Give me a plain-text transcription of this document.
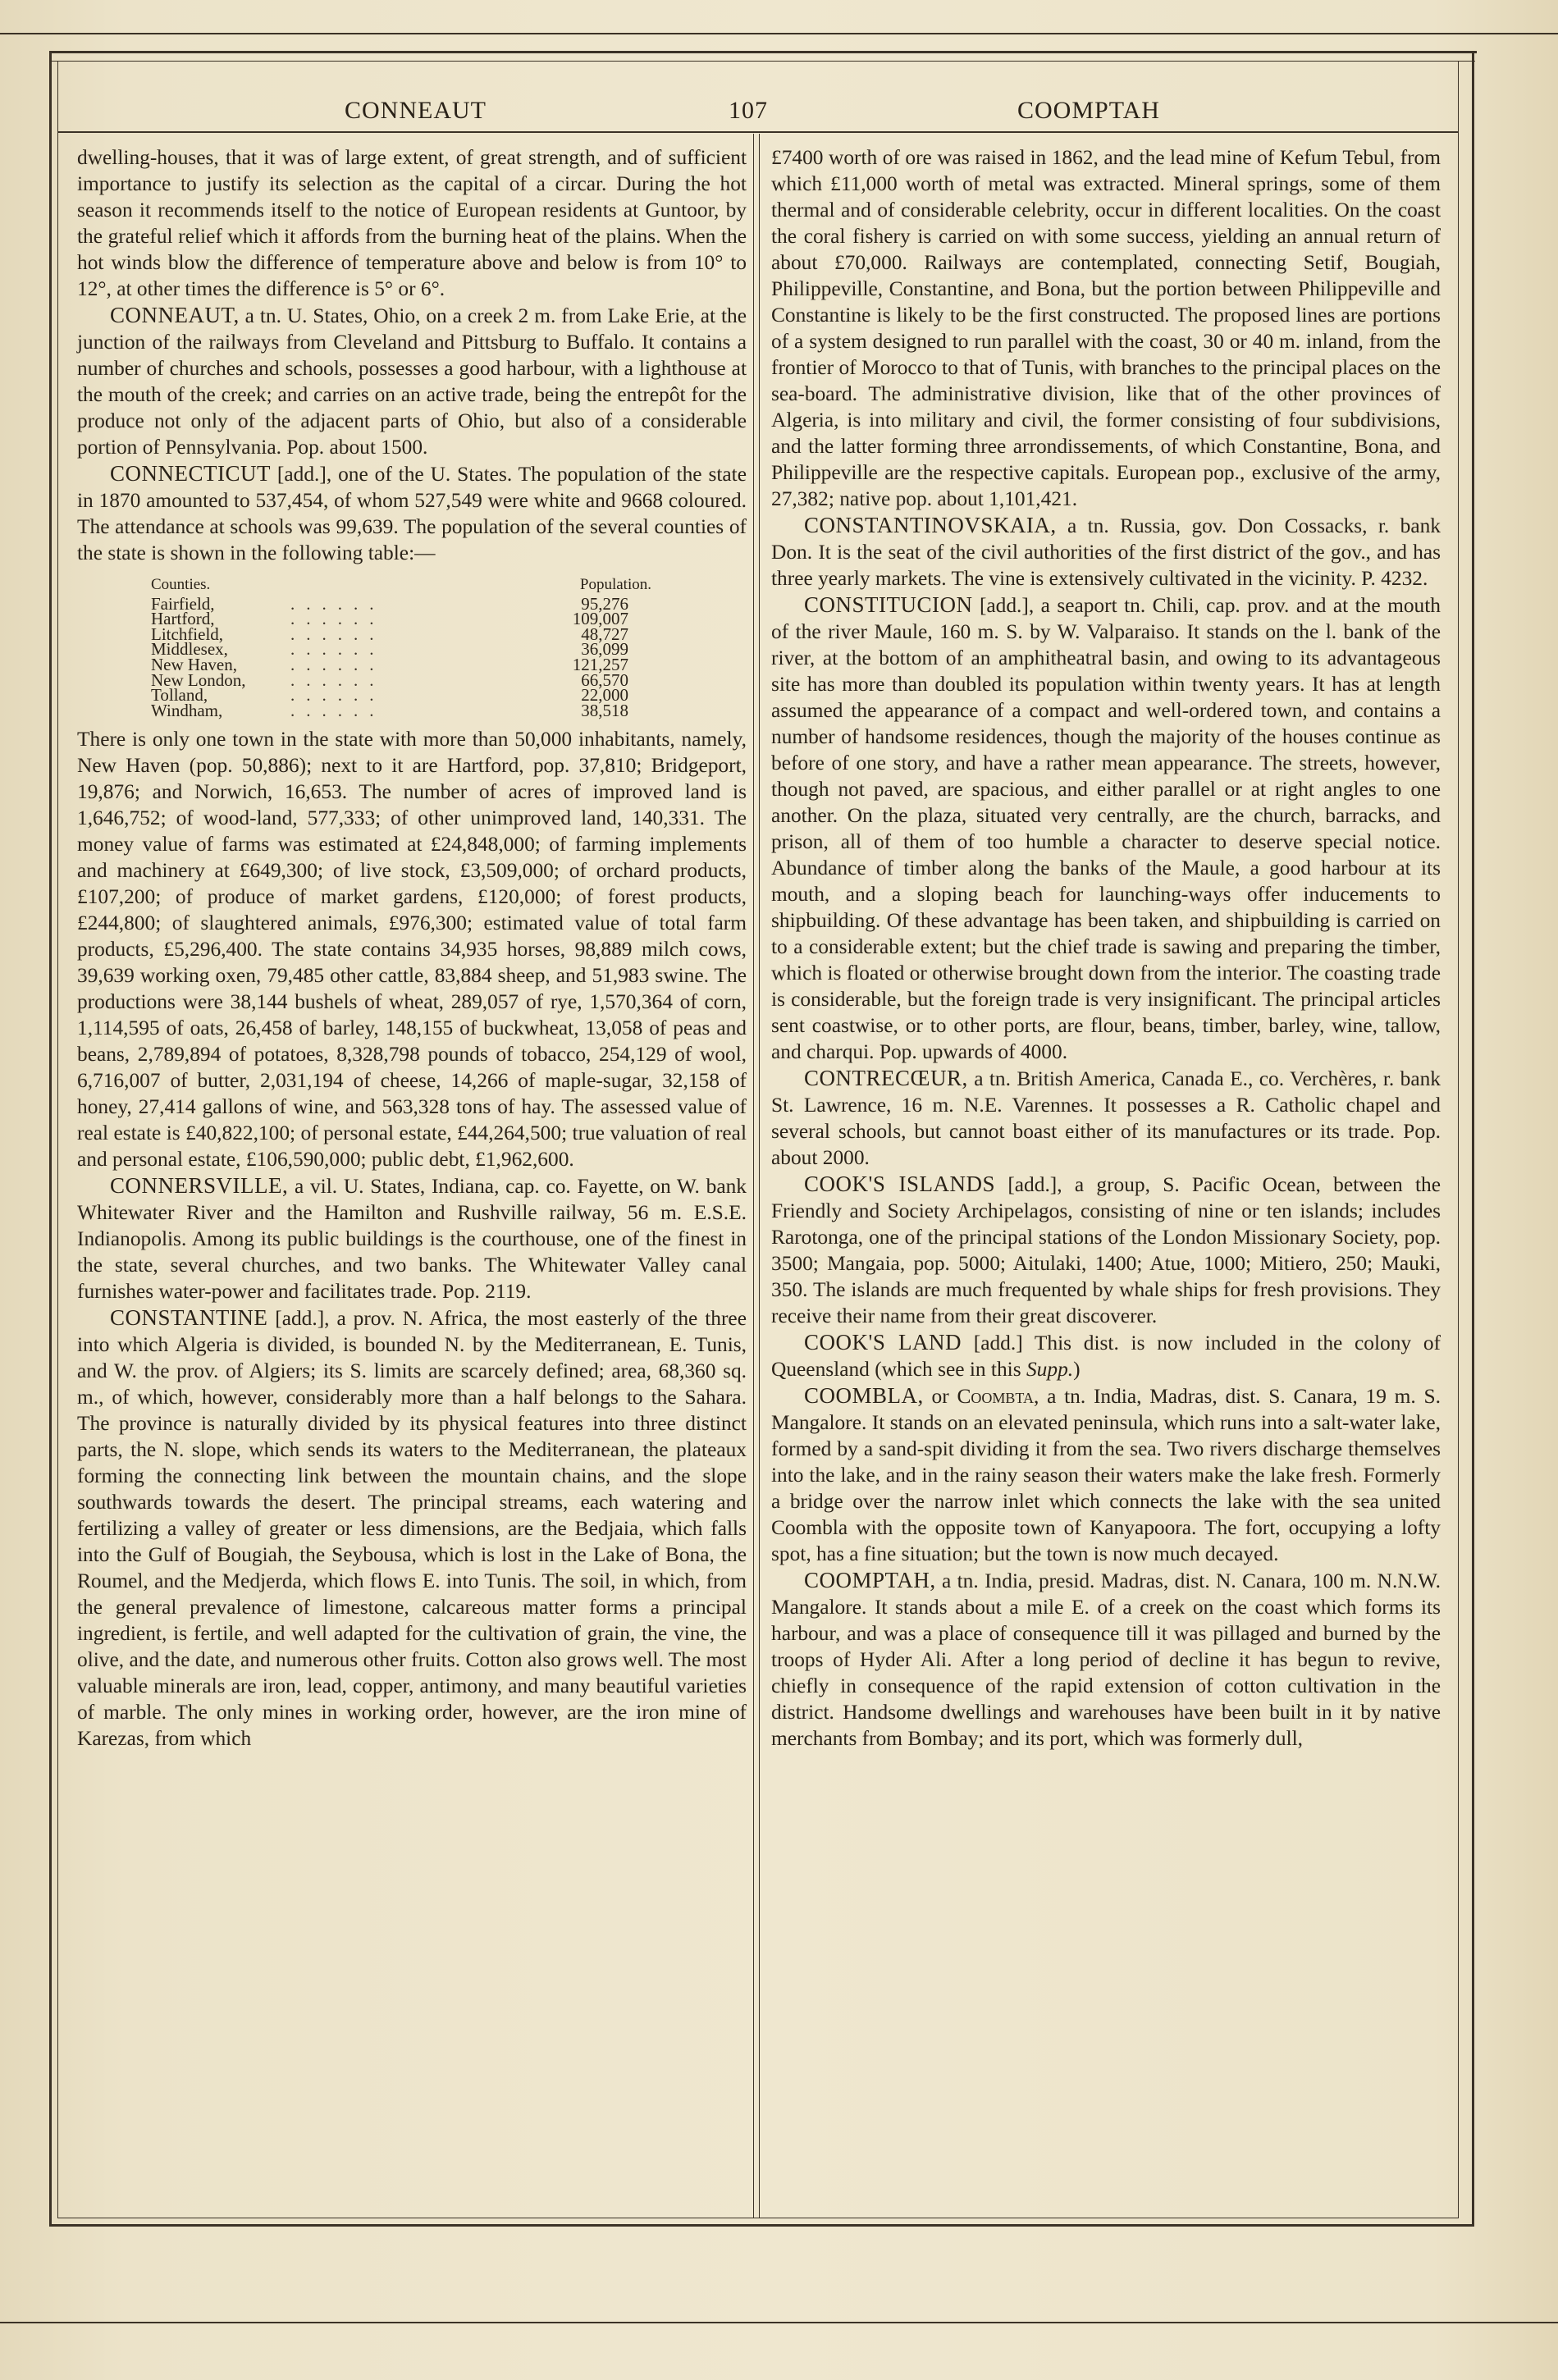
CONNEAUT	107	COOMPTAH

dwelling-houses, that it was of large extent, of great strength, and of sufficient importance to justify its selection as the capital of a circar. During the hot season it recommends itself to the notice of European residents at Guntoor, by the grateful relief which it affords from the burning heat of the plains. When the hot winds blow the difference of temperature above and below is from 10° to 12°, at other times the difference is 5° or 6°.

CONNEAUT, a tn. U. States, Ohio, on a creek 2 m. from Lake Erie, at the junction of the railways from Cleveland and Pittsburg to Buffalo. It contains a number of churches and schools, possesses a good harbour, with a lighthouse at the mouth of the creek; and carries on an active trade, being the entrepôt for the produce not only of the adjacent parts of Ohio, but also of a considerable portion of Pennsylvania. Pop. about 1500.

CONNECTICUT [add.], one of the U. States. The population of the state in 1870 amounted to 537,454, of whom 527,549 were white and 9668 coloured. The attendance at schools was 99,639. The population of the several counties of the state is shown in the following table:—

Counties.		Population.
Fairfield,	......	95,276
Hartford,	......	109,007
Litchfield,	......	48,727
Middlesex,	......	36,099
New Haven,	......	121,257
New London,	......	66,570
Tolland,	......	22,000
Windham,	......	38,518

There is only one town in the state with more than 50,000 inhabitants, namely, New Haven (pop. 50,886); next to it are Hartford, pop. 37,810; Bridgeport, 19,876; and Norwich, 16,653. The number of acres of improved land is 1,646,752; of wood-land, 577,333; of other unimproved land, 140,331. The money value of farms was estimated at £24,848,000; of farming implements and machinery at £649,300; of live stock, £3,509,000; of orchard products, £107,200; of produce of market gardens, £120,000; of forest products, £244,800; of slaughtered animals, £976,300; estimated value of total farm products, £5,296,400. The state contains 34,935 horses, 98,889 milch cows, 39,639 working oxen, 79,485 other cattle, 83,884 sheep, and 51,983 swine. The productions were 38,144 bushels of wheat, 289,057 of rye, 1,570,364 of corn, 1,114,595 of oats, 26,458 of barley, 148,155 of buckwheat, 13,058 of peas and beans, 2,789,894 of potatoes, 8,328,798 pounds of tobacco, 254,129 of wool, 6,716,007 of butter, 2,031,194 of cheese, 14,266 of maple-sugar, 32,158 of honey, 27,414 gallons of wine, and 563,328 tons of hay. The assessed value of real estate is £40,822,100; of personal estate, £44,264,500; true valuation of real and personal estate, £106,590,000; public debt, £1,962,600.

CONNERSVILLE, a vil. U. States, Indiana, cap. co. Fayette, on W. bank Whitewater River and the Hamilton and Rushville railway, 56 m. E.S.E. Indianopolis. Among its public buildings is the courthouse, one of the finest in the state, several churches, and two banks. The Whitewater Valley canal furnishes water-power and facilitates trade. Pop. 2119.

CONSTANTINE [add.], a prov. N. Africa, the most easterly of the three into which Algeria is divided, is bounded N. by the Mediterranean, E. Tunis, and W. the prov. of Algiers; its S. limits are scarcely defined; area, 68,360 sq. m., of which, however, considerably more than a half belongs to the Sahara. The province is naturally divided by its physical features into three distinct parts, the N. slope, which sends its waters to the Mediterranean, the plateaux forming the connecting link between the mountain chains, and the slope southwards towards the desert. The principal streams, each watering and fertilizing a valley of greater or less dimensions, are the Bedjaia, which falls into the Gulf of Bougiah, the Seybousa, which is lost in the Lake of Bona, the Roumel, and the Medjerda, which flows E. into Tunis. The soil, in which, from the general prevalence of limestone, calcareous matter forms a principal ingredient, is fertile, and well adapted for the cultivation of grain, the vine, the olive, and the date, and numerous other fruits. Cotton also grows well. The most valuable minerals are iron, lead, copper, antimony, and many beautiful varieties of marble. The only mines in working order, however, are the iron mine of Karezas, from which

£7400 worth of ore was raised in 1862, and the lead mine of Kefum Tebul, from which £11,000 worth of metal was extracted. Mineral springs, some of them thermal and of considerable celebrity, occur in different localities. On the coast the coral fishery is carried on with some success, yielding an annual return of about £70,000. Railways are contemplated, connecting Setif, Bougiah, Philippeville, Constantine, and Bona, but the portion between Philippeville and Constantine is likely to be the first constructed. The proposed lines are portions of a system designed to run parallel with the coast, 30 or 40 m. inland, from the frontier of Morocco to that of Tunis, with branches to the principal places on the sea-board. The administrative division, like that of the other provinces of Algeria, is into military and civil, the former consisting of four subdivisions, and the latter forming three arrondissements, of which Constantine, Bona, and Philippeville are the respective capitals. European pop., exclusive of the army, 27,382; native pop. about 1,101,421.

CONSTANTINOVSKAIA, a tn. Russia, gov. Don Cossacks, r. bank Don. It is the seat of the civil authorities of the first district of the gov., and has three yearly markets. The vine is extensively cultivated in the vicinity. P. 4232.

CONSTITUCION [add.], a seaport tn. Chili, cap. prov. and at the mouth of the river Maule, 160 m. S. by W. Valparaiso. It stands on the l. bank of the river, at the bottom of an amphitheatral basin, and owing to its advantageous site has more than doubled its population within twenty years. It has at length assumed the appearance of a compact and well-ordered town, and contains a number of handsome residences, though the majority of the houses continue as before of one story, and have a rather mean appearance. The streets, however, though not paved, are spacious, and either parallel or at right angles to one another. On the plaza, situated very centrally, are the church, barracks, and prison, all of them of too humble a character to deserve special notice. Abundance of timber along the banks of the Maule, a good harbour at its mouth, and a sloping beach for launching-ways offer inducements to shipbuilding. Of these advantage has been taken, and shipbuilding is carried on to a considerable extent; but the chief trade is sawing and preparing the timber, which is floated or otherwise brought down from the interior. The coasting trade is considerable, but the foreign trade is very insignificant. The principal articles sent coastwise, or to other ports, are flour, beans, timber, barley, wine, tallow, and charqui. Pop. upwards of 4000.

CONTRECŒUR, a tn. British America, Canada E., co. Verchères, r. bank St. Lawrence, 16 m. N.E. Varennes. It possesses a R. Catholic chapel and several schools, but cannot boast either of its manufactures or its trade. Pop. about 2000.

COOK'S ISLANDS [add.], a group, S. Pacific Ocean, between the Friendly and Society Archipelagos, consisting of nine or ten islands; includes Rarotonga, one of the principal stations of the London Missionary Society, pop. 3500; Mangaia, pop. 5000; Aitulaki, 1400; Atue, 1000; Mitiero, 250; Mauki, 350. The islands are much frequented by whale ships for fresh provisions. They receive their name from their great discoverer.

COOK'S LAND [add.] This dist. is now included in the colony of Queensland (which see in this Supp.)

COOMBLA, or Coombta, a tn. India, Madras, dist. S. Canara, 19 m. S. Mangalore. It stands on an elevated peninsula, which runs into a salt-water lake, formed by a sand-spit dividing it from the sea. Two rivers discharge themselves into the lake, and in the rainy season their waters make the lake fresh. Formerly a bridge over the narrow inlet which connects the lake with the sea united Coombla with the opposite town of Kanyapoora. The fort, occupying a lofty spot, has a fine situation; but the town is now much decayed.

COOMPTAH, a tn. India, presid. Madras, dist. N. Canara, 100 m. N.N.W. Mangalore. It stands about a mile E. of a creek on the coast which forms its harbour, and was a place of consequence till it was pillaged and burned by the troops of Hyder Ali. After a long period of decline it has begun to revive, chiefly in consequence of the rapid extension of cotton cultivation in the district. Handsome dwellings and warehouses have been built in it by native merchants from Bombay; and its port, which was formerly dull,
